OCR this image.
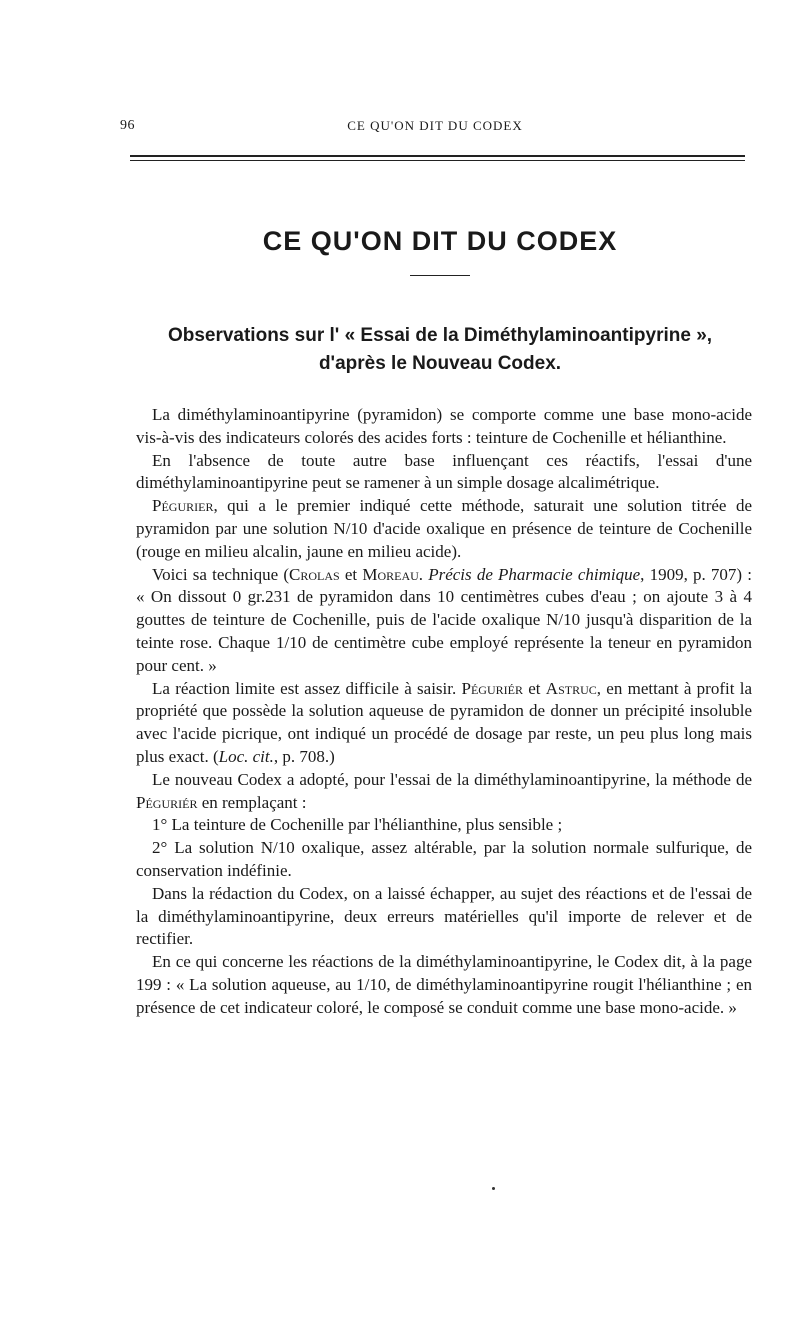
96	CE QU'ON DIT DU CODEX
CE QU'ON DIT DU CODEX
Observations sur l' « Essai de la Diméthylaminoantipyrine »,
d'après le Nouveau Codex.

La diméthylaminoantipyrine (pyramidon) se comporte comme une base mono-acide vis-à-vis des indicateurs colorés des acides forts : teinture de Cochenille et hélianthine.

En l'absence de toute autre base influençant ces réactifs, l'essai d'une diméthylaminoantipyrine peut se ramener à un simple dosage alcalimétrique.

Pégurier, qui a le premier indiqué cette méthode, saturait une solution titrée de pyramidon par une solution N/10 d'acide oxalique en présence de teinture de Cochenille (rouge en milieu alcalin, jaune en milieu acide).

Voici sa technique (Crolas et Moreau. Précis de Pharmacie chimique, 1909, p. 707) : « On dissout 0 gr.231 de pyramidon dans 10 centimètres cubes d'eau ; on ajoute 3 à 4 gouttes de teinture de Cochenille, puis de l'acide oxalique N/10 jusqu'à disparition de la teinte rose. Chaque 1/10 de centimètre cube employé représente la teneur en pyramidon pour cent. »

La réaction limite est assez difficile à saisir. Péguriér et Astruc, en mettant à profit la propriété que possède la solution aqueuse de pyramidon de donner un précipité insoluble avec l'acide picrique, ont indiqué un procédé de dosage par reste, un peu plus long mais plus exact. (Loc. cit., p. 708.)

Le nouveau Codex a adopté, pour l'essai de la diméthylaminoantipyrine, la méthode de Péguriér en remplaçant :

1° La teinture de Cochenille par l'hélianthine, plus sensible ;

2° La solution N/10 oxalique, assez altérable, par la solution normale sulfurique, de conservation indéfinie.

Dans la rédaction du Codex, on a laissé échapper, au sujet des réactions et de l'essai de la diméthylaminoantipyrine, deux erreurs matérielles qu'il importe de relever et de rectifier.

En ce qui concerne les réactions de la diméthylaminoantipyrine, le Codex dit, à la page 199 : « La solution aqueuse, au 1/10, de diméthylaminoantipyrine rougit l'hélianthine ; en présence de cet indicateur coloré, le composé se conduit comme une base mono-acide. »
